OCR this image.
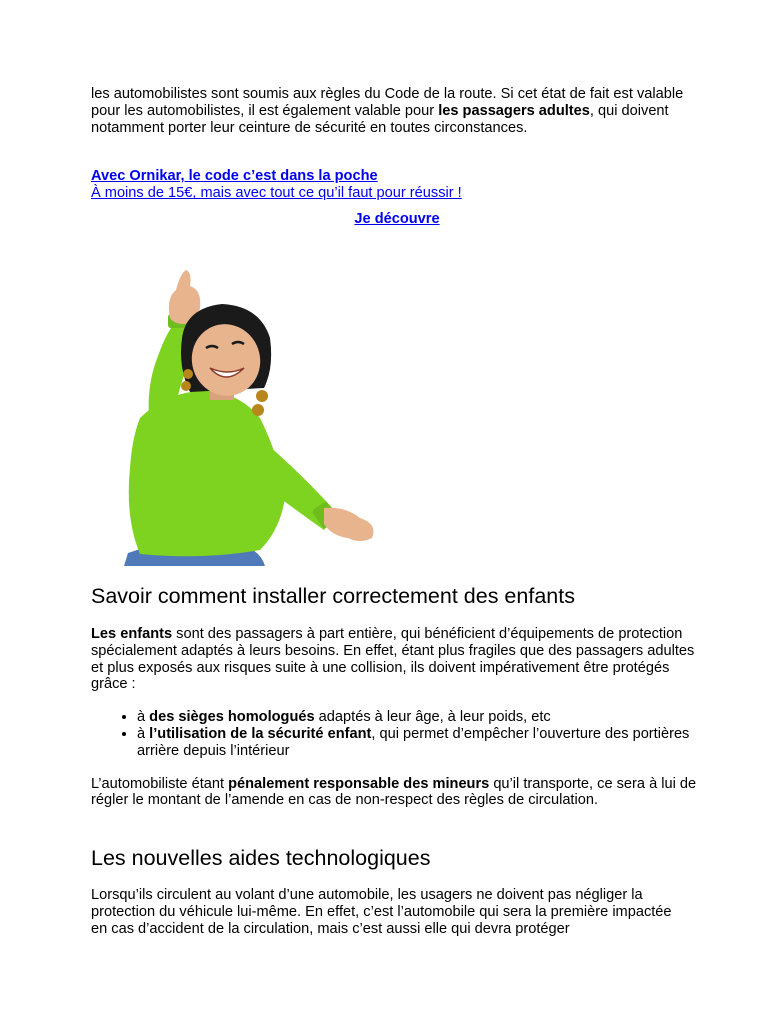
les automobilistes sont soumis aux règles du Code de la route. Si cet état de fait est valable pour les automobilistes, il est également valable pour les passagers adultes, qui doivent notamment porter leur ceinture de sécurité en toutes circonstances.

Avec Ornikar, le code c’est dans la poche
À moins de 15€, mais avec tout ce qu’il faut pour réussir !
Je découvre
Savoir comment installer correctement des enfants

Les enfants sont des passagers à part entière, qui bénéficient d’équipements de protection spécialement adaptés à leurs besoins. En effet, étant plus fragiles que des passagers adultes et plus exposés aux risques suite à une collision, ils doivent impérativement être protégés grâce :

• à des sièges homologués adaptés à leur âge, à leur poids, etc
• à l’utilisation de la sécurité enfant, qui permet d’empêcher l’ouverture des portières arrière depuis l’intérieur

L’automobiliste étant pénalement responsable des mineurs qu’il transporte, ce sera à lui de régler le montant de l’amende en cas de non-respect des règles de circulation.

Les nouvelles aides technologiques

Lorsqu’ils circulent au volant d’une automobile, les usagers ne doivent pas négliger la protection du véhicule lui-même. En effet, c’est l’automobile qui sera la première impactée en cas d’accident de la circulation, mais c’est aussi elle qui devra protéger
